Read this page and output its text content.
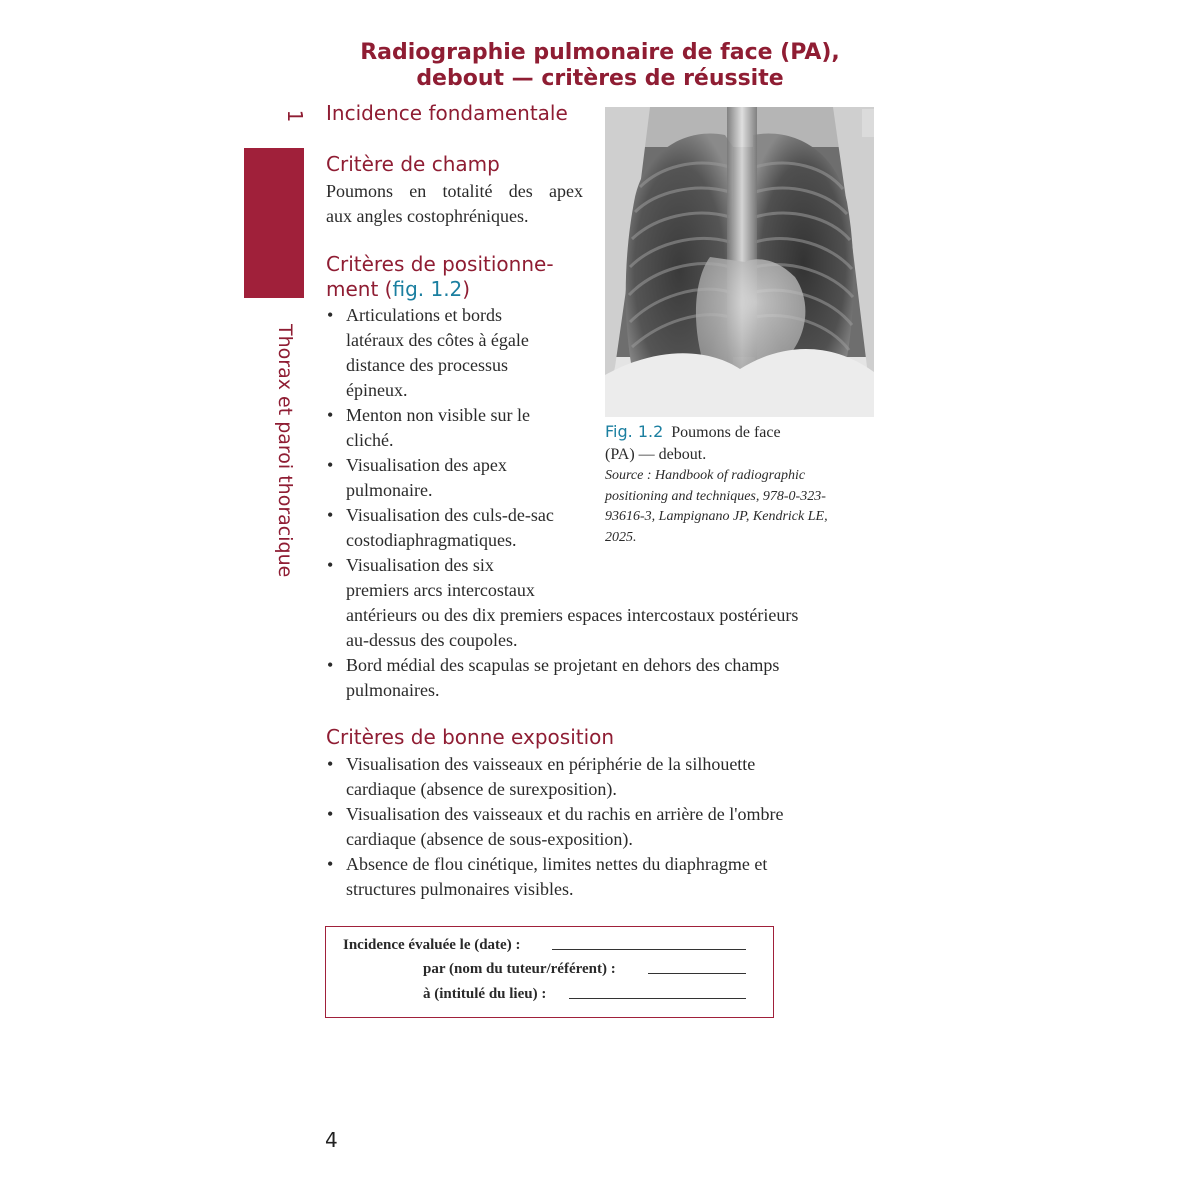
Radiographie pulmonaire de face (PA),
debout — critères de réussite
1
Thorax et paroi thoracique
Incidence fondamentale
Critère de champ

Poumons en totalité des apex
aux angles costophréniques.

Critères de positionne-
ment (fig. 1.2)
• Articulations et bords
latéraux des côtes à égale
distance des processus
épineux.
• Menton non visible sur le
cliché.
• Visualisation des apex
pulmonaire.
• Visualisation des culs-de-sac
costodiaphragmatiques.
• Visualisation des six
premiers arcs intercostaux
antérieurs ou des dix premiers espaces intercostaux postérieurs
au-dessus des coupoles.
• Bord médial des scapulas se projetant en dehors des champs
pulmonaires.
Critères de bonne exposition
• Visualisation des vaisseaux en périphérie de la silhouette
cardiaque (absence de surexposition).
• Visualisation des vaisseaux et du rachis en arrière de l'ombre
cardiaque (absence de sous-exposition).
• Absence de flou cinétique, limites nettes du diaphragme et
structures pulmonaires visibles.

Fig. 1.2 Poumons de face
(PA) — debout.

Source : Handbook of radiographic
positioning and techniques, 978-0-323-
93616-3, Lampignano JP, Kendrick LE,
2025.

Incidence évaluée le (date) :
par (nom du tuteur/référent) :
à (intitulé du lieu) :
4
